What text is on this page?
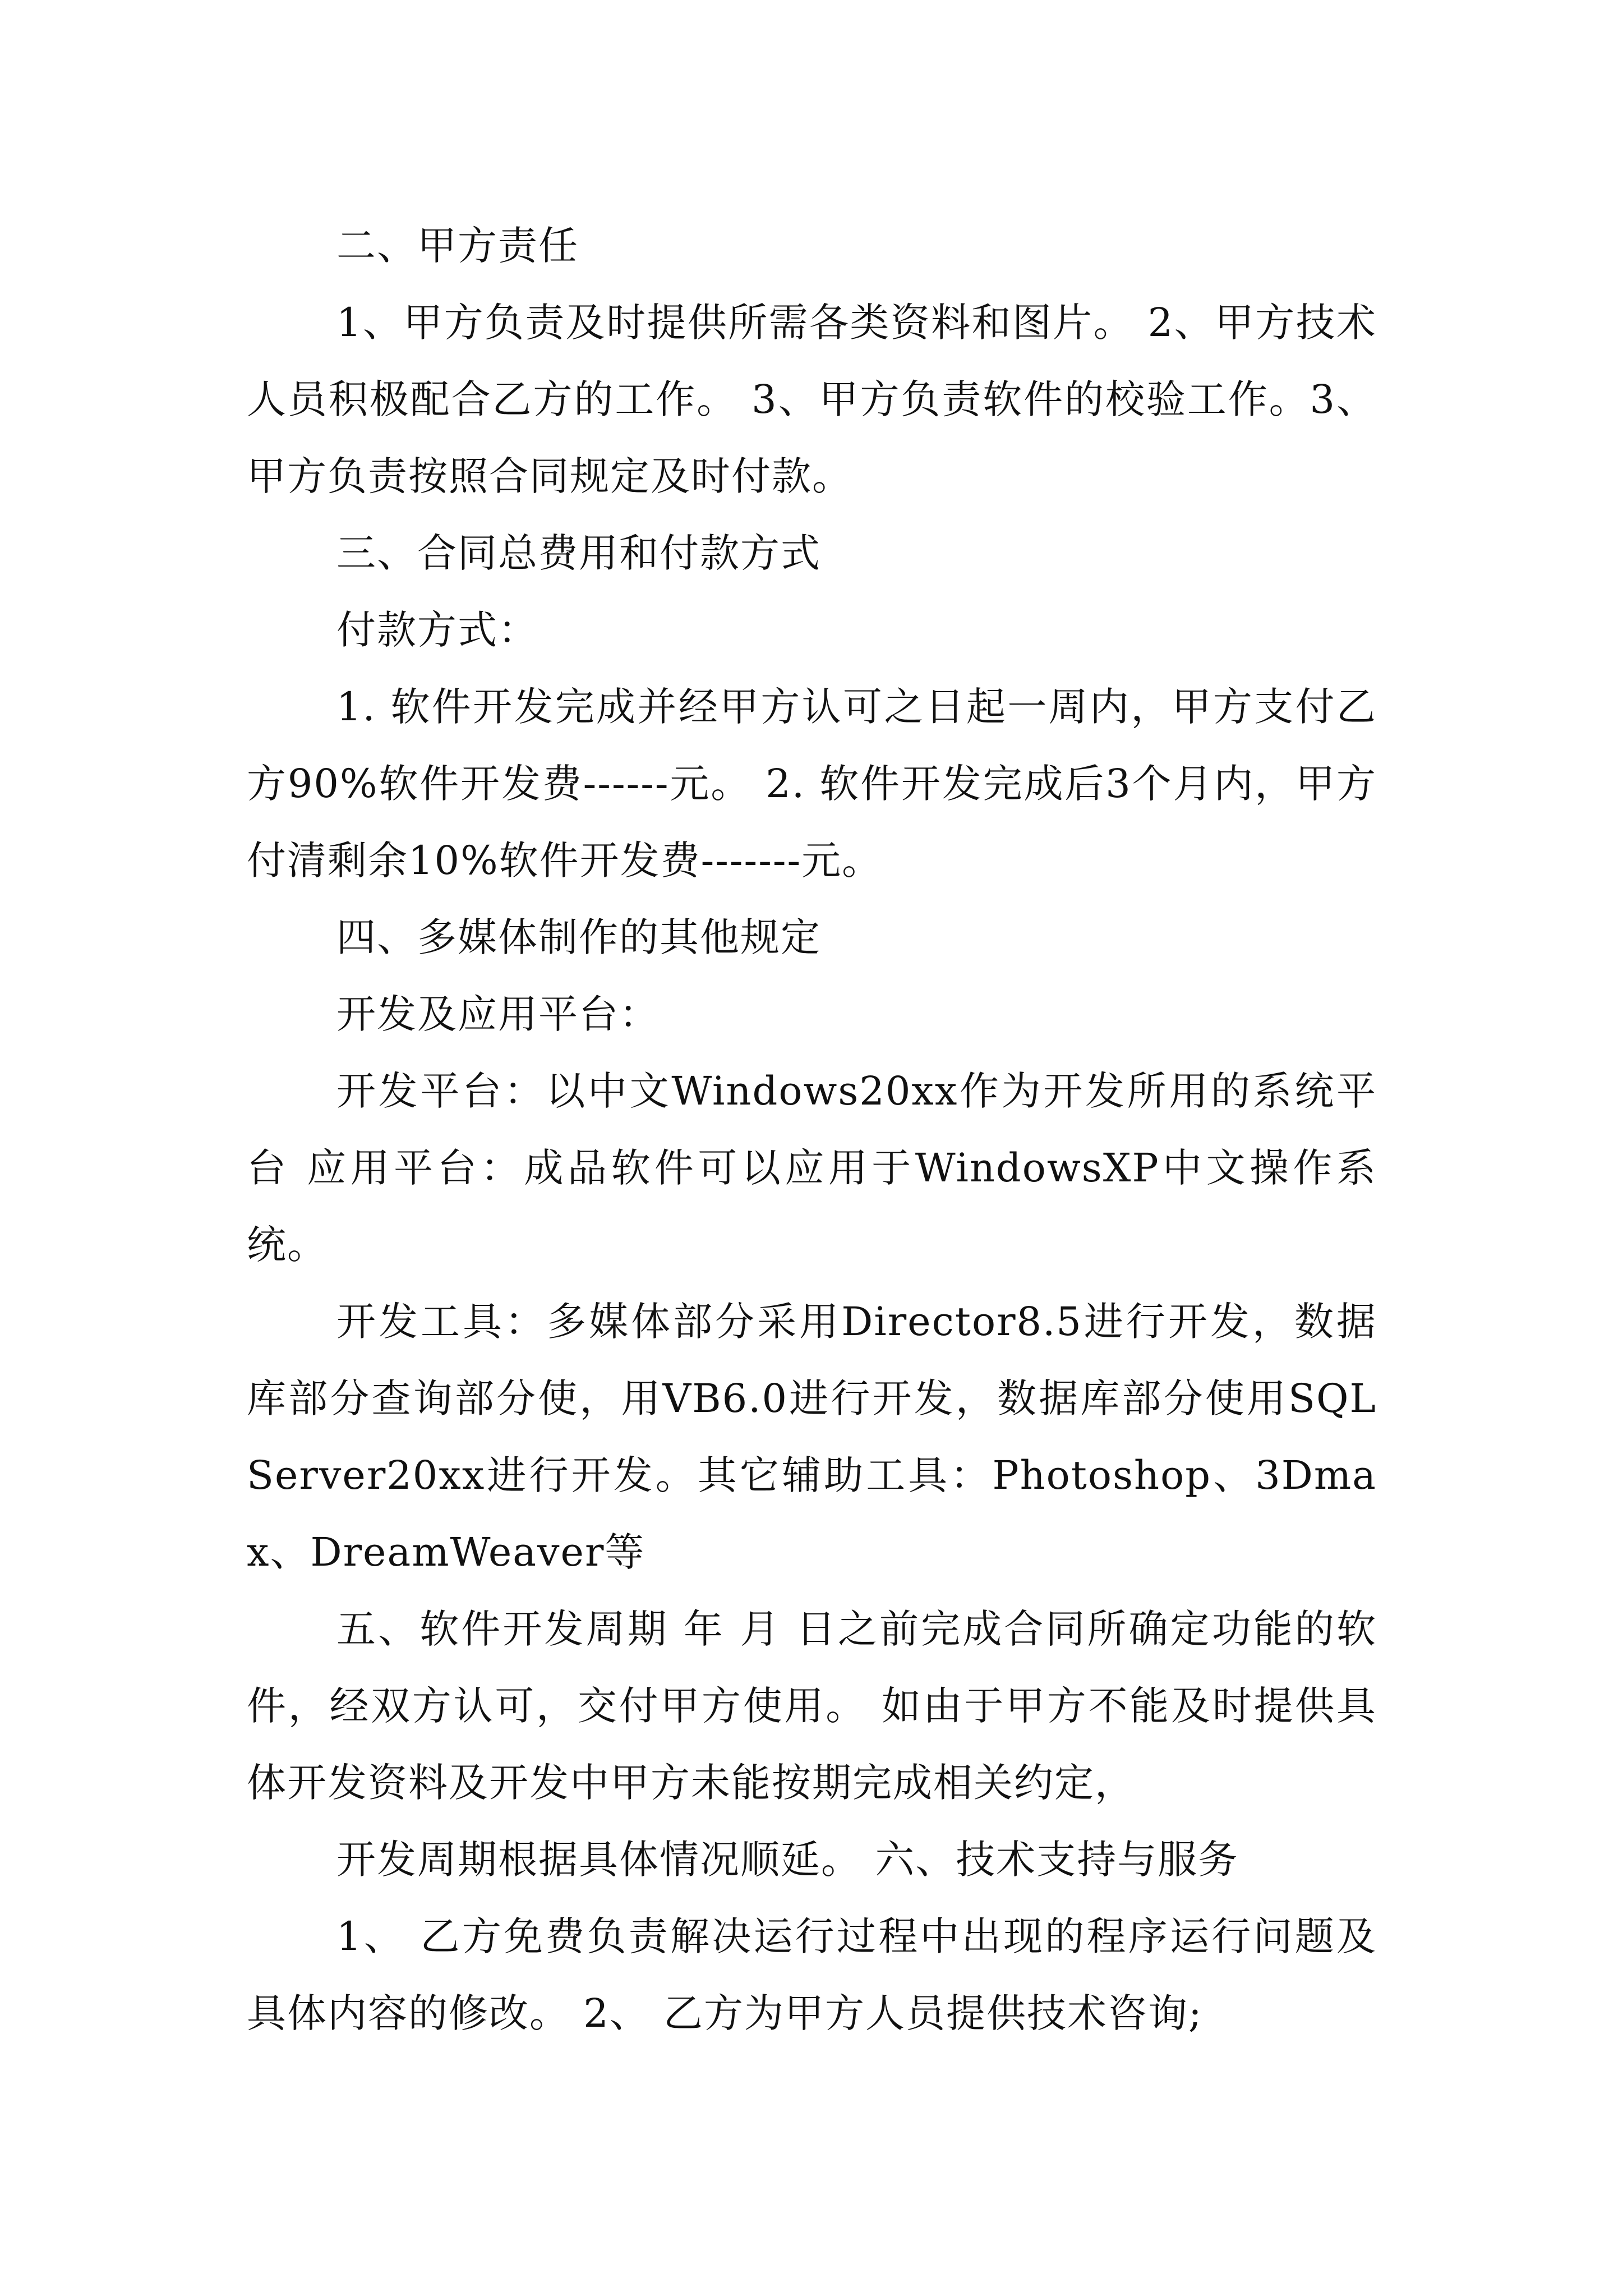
二、甲方责任

1、甲方负责及时提供所需各类资料和图片。 2、甲方技术人员积极配合乙方的工作。 3、甲方负责软件的校验工作。3、甲方负责按照合同规定及时付款。

三、合同总费用和付款方式

付款方式：

1. 软件开发完成并经甲方认可之日起一周内，甲方支付乙方90%软件开发费------元。 2. 软件开发完成后3个月内，甲方付清剩余10%软件开发费-------元。

四、多媒体制作的其他规定

开发及应用平台：

开发平台：以中文Windows20xx作为开发所用的系统平台 应用平台：成品软件可以应用于WindowsXP中文操作系统。

开发工具：多媒体部分采用Director8.5进行开发，数据库部分查询部分使，用VB6.0进行开发，数据库部分使用SQLServer20xx进行开发。其它辅助工具：Photoshop、3Dmax、DreamWeaver等

五、软件开发周期 年 月 日之前完成合同所确定功能的软件，经双方认可，交付甲方使用。 如由于甲方不能及时提供具体开发资料及开发中甲方未能按期完成相关约定，

开发周期根据具体情况顺延。 六、技术支持与服务

1、 乙方免费负责解决运行过程中出现的程序运行问题及具体内容的修改。 2、 乙方为甲方人员提供技术咨询;
